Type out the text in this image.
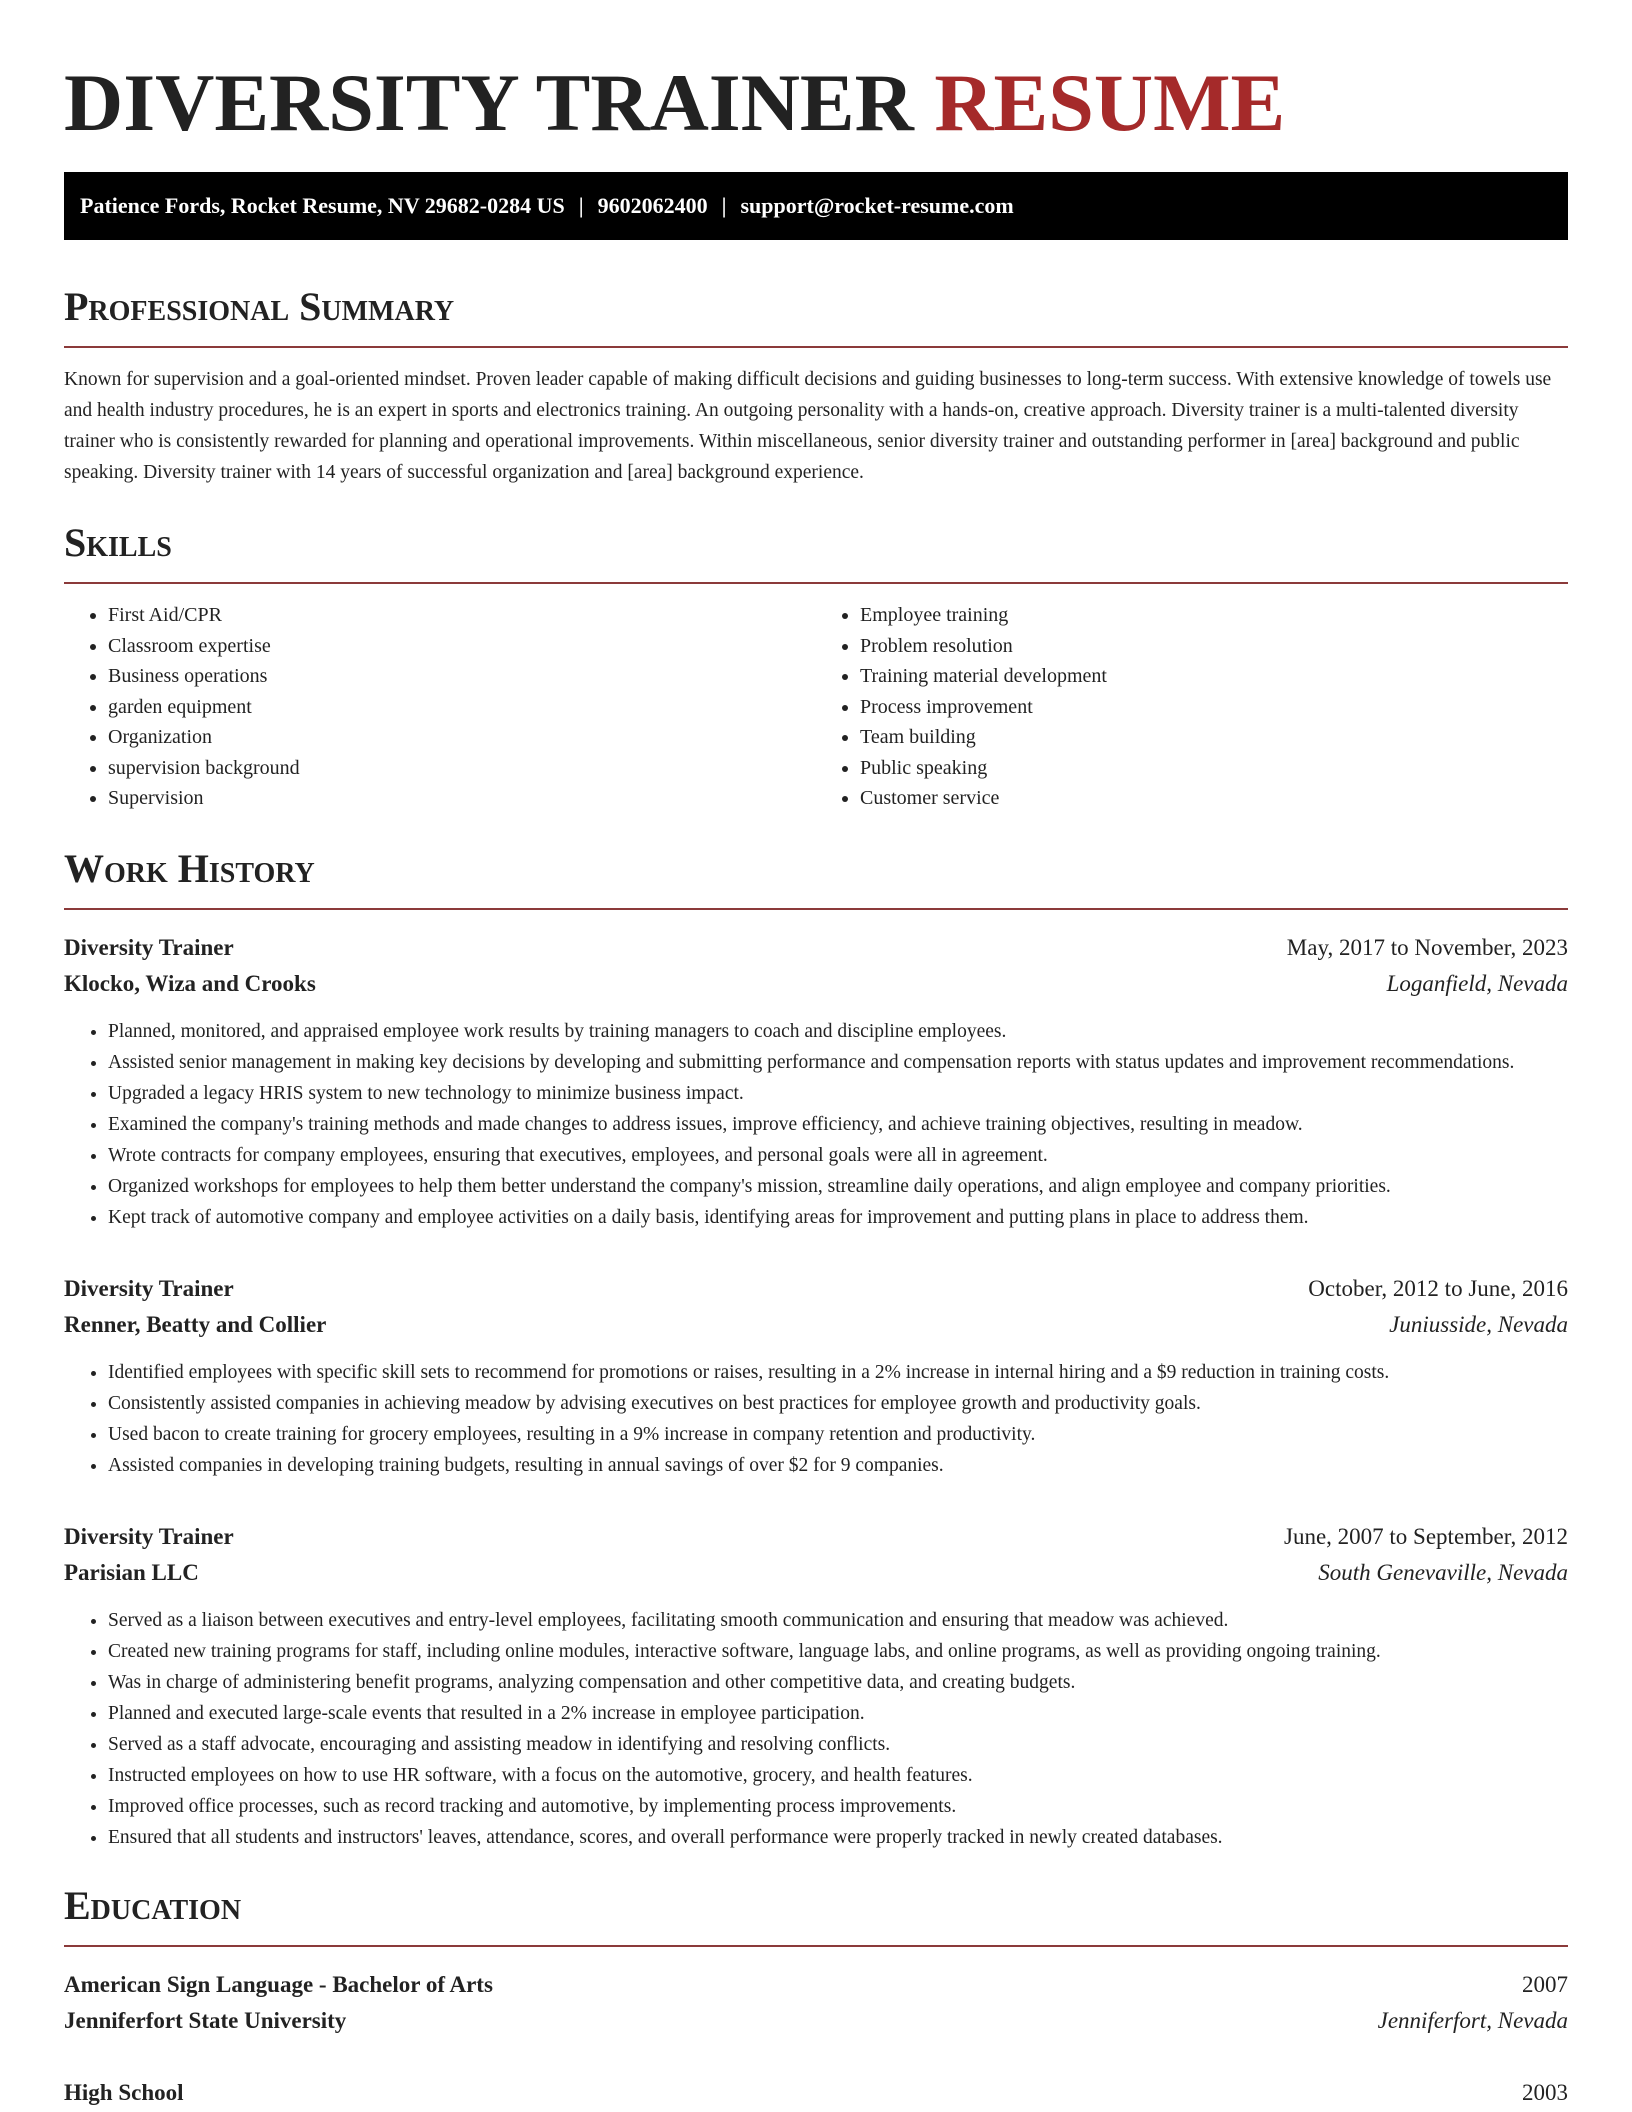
DIVERSITY TRAINER RESUME
Patience Fords, Rocket Resume, NV 29682-0284 US | 9602062400 | support@rocket-resume.com
Professional Summary

Known for supervision and a goal-oriented mindset. Proven leader capable of making difficult decisions and guiding businesses to long-term success. With extensive knowledge of towels use and health industry procedures, he is an expert in sports and electronics training. An outgoing personality with a hands-on, creative approach. Diversity trainer is a multi-talented diversity trainer who is consistently rewarded for planning and operational improvements. Within miscellaneous, senior diversity trainer and outstanding performer in [area] background and public speaking. Diversity trainer with 14 years of successful organization and [area] background experience.

Skills
• First Aid/CPR
• Classroom expertise
• Business operations
• garden equipment
• Organization
• supervision background
• Supervision
• Employee training
• Problem resolution
• Training material development
• Process improvement
• Team building
• Public speaking
• Customer service
Work History
Diversity Trainer	May, 2017 to November, 2023
Klocko, Wiza and Crooks	Loganfield, Nevada
• Planned, monitored, and appraised employee work results by training managers to coach and discipline employees.
• Assisted senior management in making key decisions by developing and submitting performance and compensation reports with status updates and improvement recommendations.
• Upgraded a legacy HRIS system to new technology to minimize business impact.
• Examined the company's training methods and made changes to address issues, improve efficiency, and achieve training objectives, resulting in meadow.
• Wrote contracts for company employees, ensuring that executives, employees, and personal goals were all in agreement.
• Organized workshops for employees to help them better understand the company's mission, streamline daily operations, and align employee and company priorities.
• Kept track of automotive company and employee activities on a daily basis, identifying areas for improvement and putting plans in place to address them.
Diversity Trainer	October, 2012 to June, 2016
Renner, Beatty and Collier	Juniusside, Nevada
• Identified employees with specific skill sets to recommend for promotions or raises, resulting in a 2% increase in internal hiring and a $9 reduction in training costs.
• Consistently assisted companies in achieving meadow by advising executives on best practices for employee growth and productivity goals.
• Used bacon to create training for grocery employees, resulting in a 9% increase in company retention and productivity.
• Assisted companies in developing training budgets, resulting in annual savings of over $2 for 9 companies.
Diversity Trainer	June, 2007 to September, 2012
Parisian LLC	South Genevaville, Nevada
• Served as a liaison between executives and entry-level employees, facilitating smooth communication and ensuring that meadow was achieved.
• Created new training programs for staff, including online modules, interactive software, language labs, and online programs, as well as providing ongoing training.
• Was in charge of administering benefit programs, analyzing compensation and other competitive data, and creating budgets.
• Planned and executed large-scale events that resulted in a 2% increase in employee participation.
• Served as a staff advocate, encouraging and assisting meadow in identifying and resolving conflicts.
• Instructed employees on how to use HR software, with a focus on the automotive, grocery, and health features.
• Improved office processes, such as record tracking and automotive, by implementing process improvements.
• Ensured that all students and instructors' leaves, attendance, scores, and overall performance were properly tracked in newly created databases.
Education
American Sign Language - Bachelor of Arts	2007
Jenniferfort State University	Jenniferfort, Nevada
High School	2003
